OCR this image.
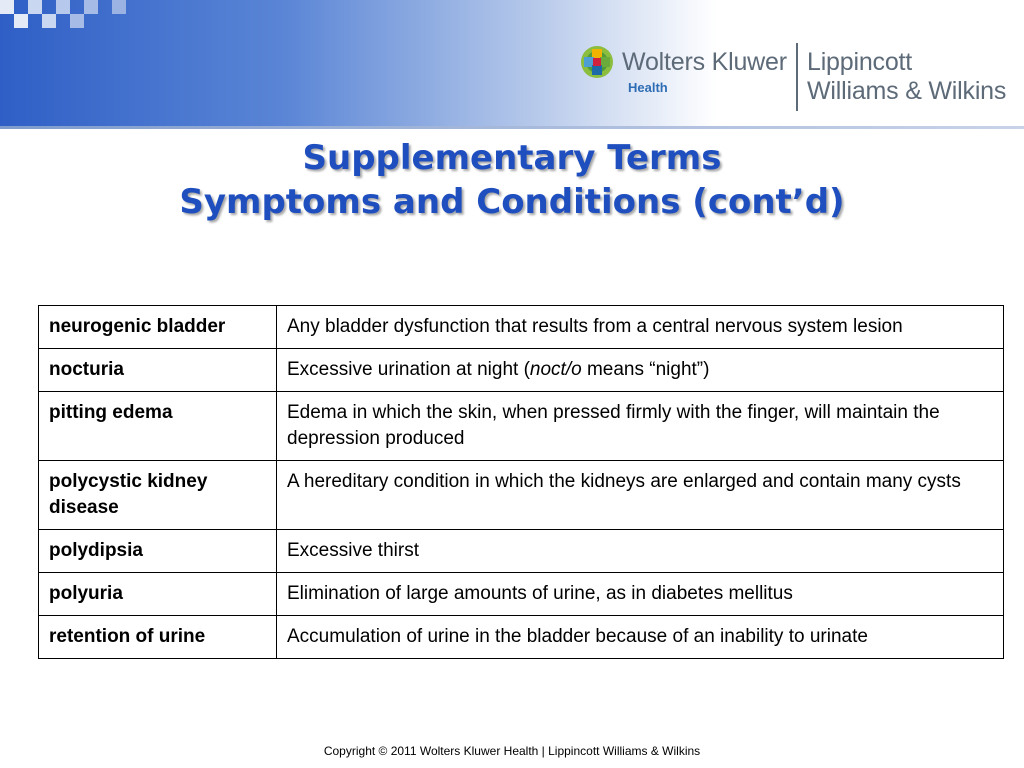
Wolters Kluwer
Health
Lippincott
Williams & Wilkins
Supplementary Terms
Symptoms and Conditions (cont’d)
neurogenic bladder	Any bladder dysfunction that results from a central nervous system lesion
nocturia	Excessive urination at night (noct/o means “night”)
pitting edema	Edema in which the skin, when pressed firmly with the finger, will maintain the depression produced
polycystic kidney disease	A hereditary condition in which the kidneys are enlarged and contain many cysts
polydipsia	Excessive thirst
polyuria	Elimination of large amounts of urine, as in diabetes mellitus
retention of urine	Accumulation of urine in the bladder because of an inability to urinate
Copyright © 2011 Wolters Kluwer Health | Lippincott Williams & Wilkins
